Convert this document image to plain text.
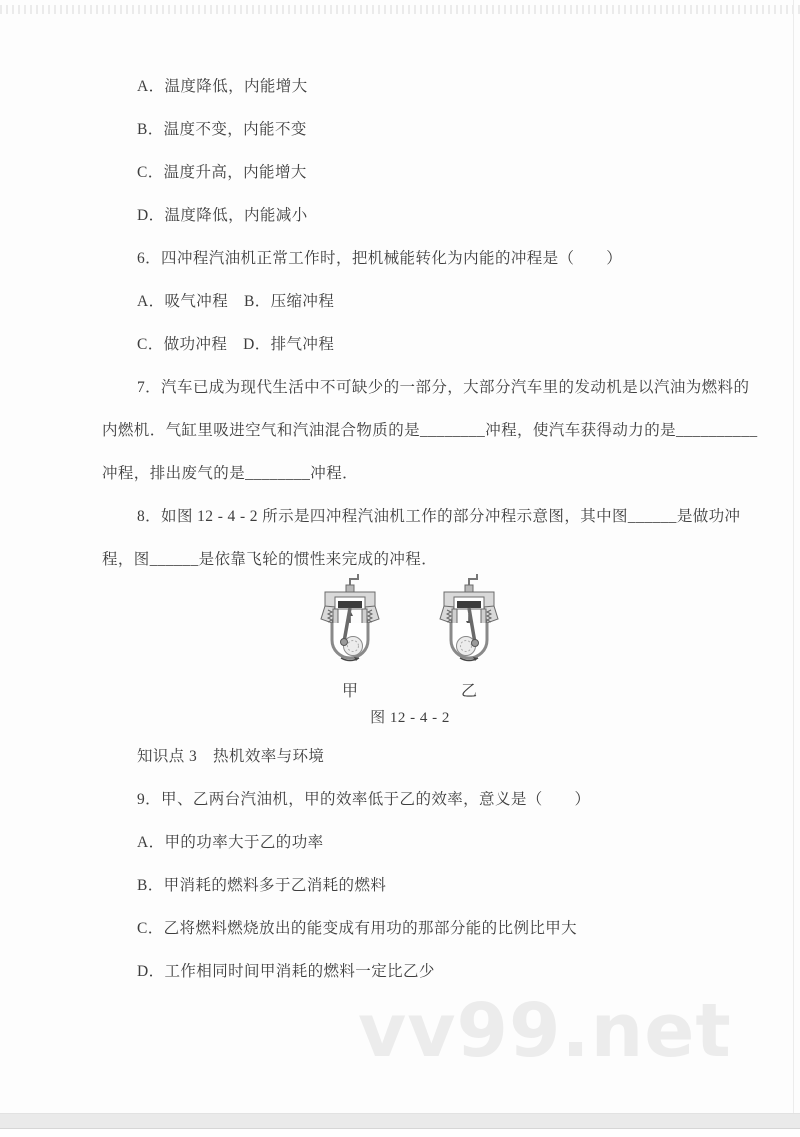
vv99.net
A．温度降低，内能增大
B．温度不变，内能不变
C．温度升高，内能增大
D．温度降低，内能减小
6．四冲程汽油机正常工作时，把机械能转化为内能的冲程是（　　）
A．吸气冲程　B．压缩冲程
C．做功冲程　D．排气冲程
7．汽车已成为现代生活中不可缺少的一部分，大部分汽车里的发动机是以汽油为燃料的
内燃机．气缸里吸进空气和汽油混合物质的是________冲程，使汽车获得动力的是__________
冲程，排出废气的是________冲程．
8．如图 12 - 4 - 2 所示是四冲程汽油机工作的部分冲程示意图，其中图______是做功冲
程，图______是依靠飞轮的惯性来完成的冲程．
甲	乙
图 12 - 4 - 2
知识点 3　热机效率与环境
9．甲、乙两台汽油机，甲的效率低于乙的效率，意义是（　　）
A．甲的功率大于乙的功率
B．甲消耗的燃料多于乙消耗的燃料
C．乙将燃料燃烧放出的能变成有用功的那部分能的比例比甲大
D．工作相同时间甲消耗的燃料一定比乙少
